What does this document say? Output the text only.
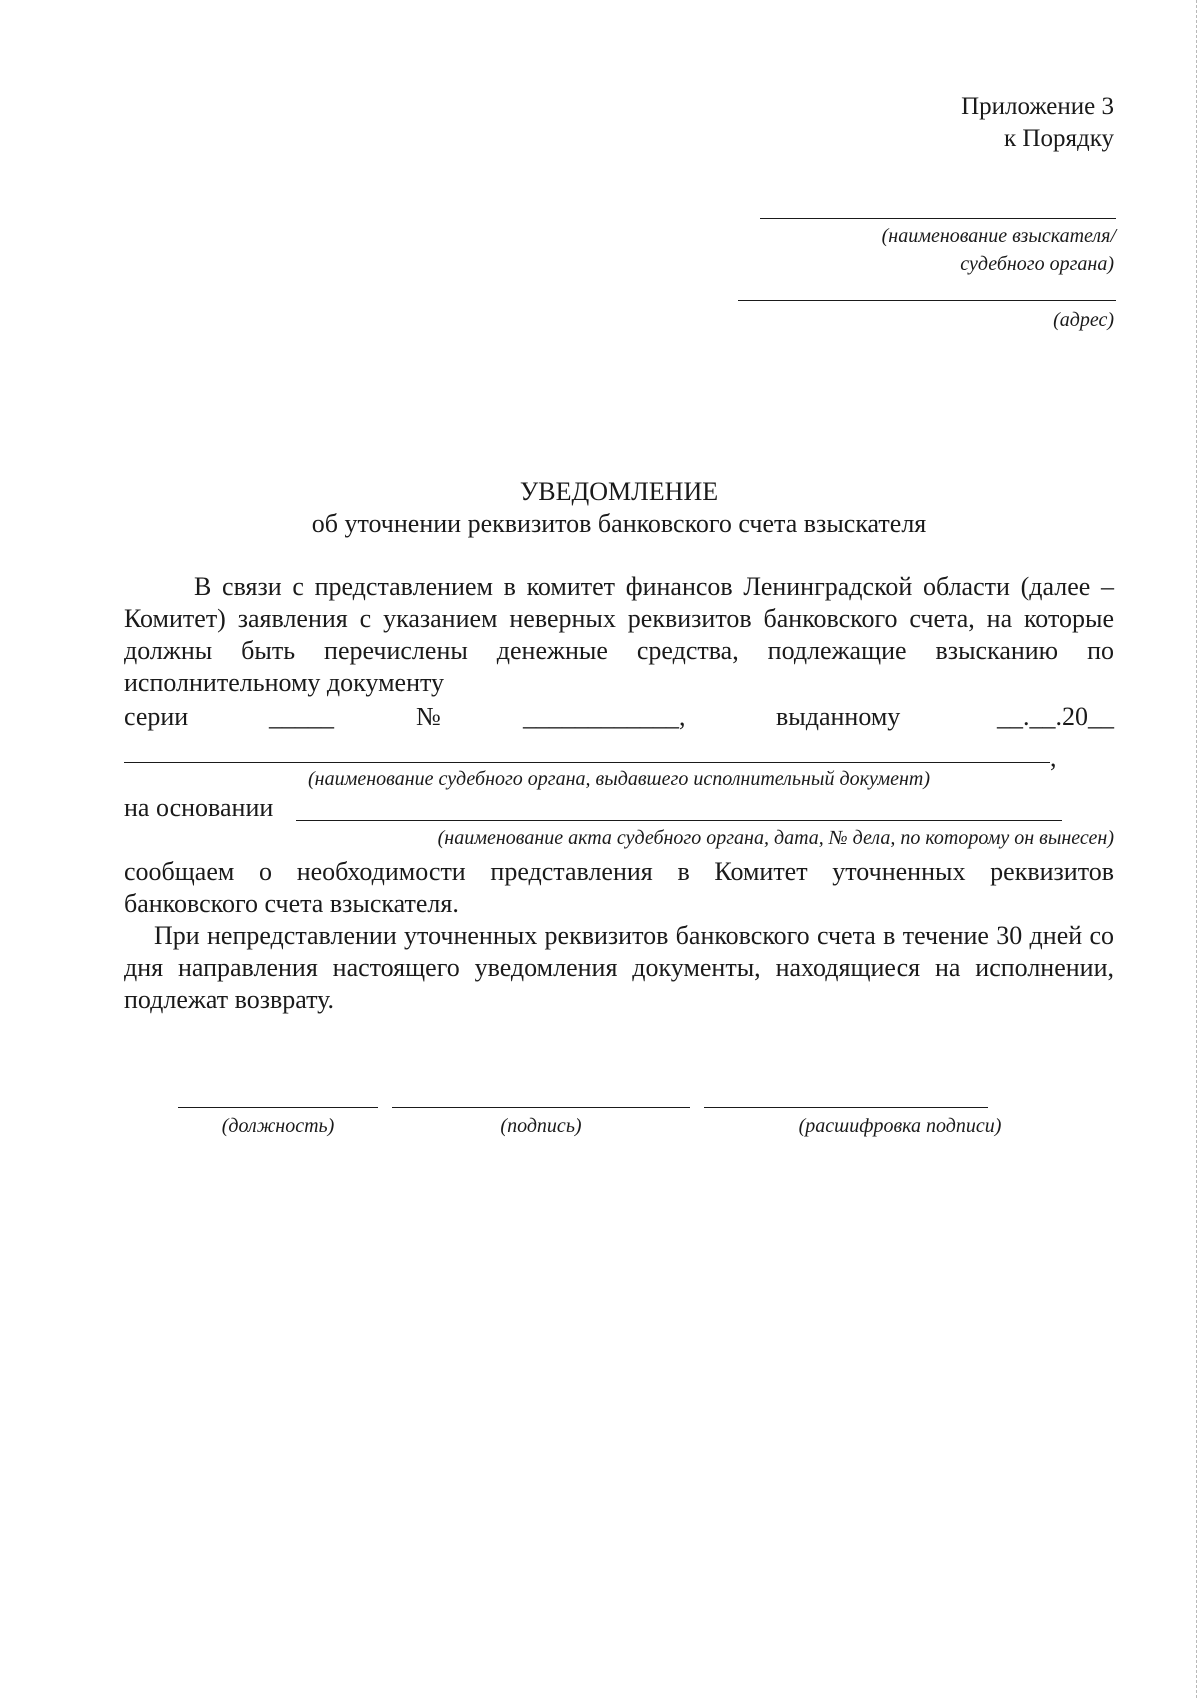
Приложение 3
к Порядку
(наименование взыскателя/
судебного органа)
(адрес)
УВЕДОМЛЕНИЕ
об уточнении реквизитов банковского счета взыскателя
В связи с представлением в комитет финансов Ленинградской области (далее – Комитет) заявления с указанием неверных реквизитов банковского счета, на которые должны быть перечислены денежные средства, подлежащие взысканию по исполнительному документу
серии	_____	№	____________,	выданному	__.__.20__
,
(наименование судебного органа, выдавшего исполнительный документ)
на основании
(наименование акта судебного органа, дата, № дела, по которому он вынесен)
сообщаем о необходимости представления в Комитет уточненных реквизитов банковского счета взыскателя.
При непредставлении уточненных реквизитов банковского счета в течение 30 дней со дня направления настоящего уведомления документы, находящиеся на исполнении, подлежат возврату.
(должность)	(подпись)	(расшифровка подписи)
